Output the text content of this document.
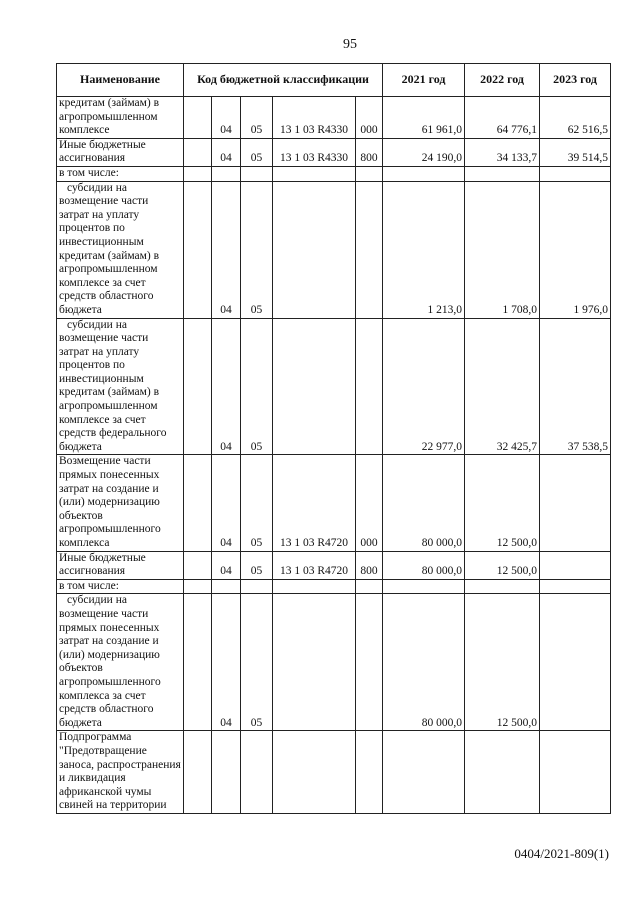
95
Наименование	Код бюджетной классификации					2021 год	2022 год	2023 год
кредитам (займам) в агропромышленном комплексе		04	05	13 1 03 R4330	000	61 961,0	64 776,1	62 516,5
Иные бюджетные ассигнования		04	05	13 1 03 R4330	800	24 190,0	34 133,7	39 514,5
в том числе:								
субсидии на возмещение части затрат на уплату процентов по инвестиционным кредитам (займам) в агропромышленном комплексе за счет средств областного бюджета		04	05			1 213,0	1 708,0	1 976,0
субсидии на возмещение части затрат на уплату процентов по инвестиционным кредитам (займам) в агропромышленном комплексе за счет средств федерального бюджета		04	05			22 977,0	32 425,7	37 538,5
Возмещение части прямых понесенных затрат на создание и (или) модернизацию объектов агропромышленного комплекса		04	05	13 1 03 R4720	000	80 000,0	12 500,0	
Иные бюджетные ассигнования		04	05	13 1 03 R4720	800	80 000,0	12 500,0	
в том числе:								
субсидии на возмещение части прямых понесенных затрат на создание и (или) модернизацию объектов агропромышленного комплекса за счет средств областного бюджета		04	05			80 000,0	12 500,0	
Подпрограмма "Предотвращение заноса, распространения и ликвидация африканской чумы свиней на территории								
0404/2021-809(1)
